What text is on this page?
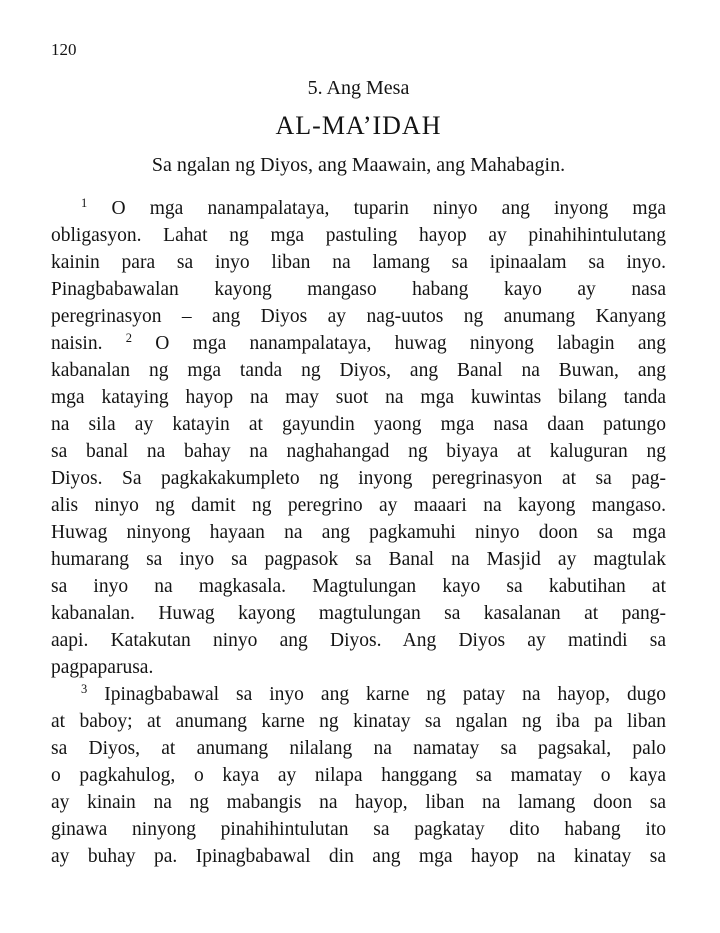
120
5. Ang Mesa
AL-MA’IDAH
Sa ngalan ng Diyos, ang Maawain, ang Mahabagin.
$^1$ O mga nanampalataya, tuparin ninyo ang inyong mga
obligasyon. Lahat ng mga pastuling hayop ay pinahihintulutang
kainin para sa inyo liban na lamang sa ipinaalam sa inyo.
Pinagbabawalan kayong mangaso habang kayo ay nasa
peregrinasyon – ang Diyos ay nag-uutos ng anumang Kanyang
naisin. $^2$ O mga nanampalataya, huwag ninyong labagin ang
kabanalan ng mga tanda ng Diyos, ang Banal na Buwan, ang
mga kataying hayop na may suot na mga kuwintas bilang tanda
na sila ay katayin at gayundin yaong mga nasa daan patungo
sa banal na bahay na naghahangad ng biyaya at kaluguran ng
Diyos. Sa pagkakakumpleto ng inyong peregrinasyon at sa pag-
alis ninyo ng damit ng peregrino ay maaari na kayong mangaso.
Huwag ninyong hayaan na ang pagkamuhi ninyo doon sa mga
humarang sa inyo sa pagpasok sa Banal na Masjid ay magtulak
sa inyo na magkasala. Magtulungan kayo sa kabutihan at
kabanalan. Huwag kayong magtulungan sa kasalanan at pang-
aapi. Katakutan ninyo ang Diyos. Ang Diyos ay matindi sa
pagpaparusa.
$^3$ Ipinagbabawal sa inyo ang karne ng patay na hayop, dugo
at baboy; at anumang karne ng kinatay sa ngalan ng iba pa liban
sa Diyos, at anumang nilalang na namatay sa pagsakal, palo
o pagkahulog, o kaya ay nilapa hanggang sa mamatay o kaya
ay kinain na ng mabangis na hayop, liban na lamang doon sa
ginawa ninyong pinahihintulutan sa pagkatay dito habang ito
ay buhay pa. Ipinagbabawal din ang mga hayop na kinatay sa
